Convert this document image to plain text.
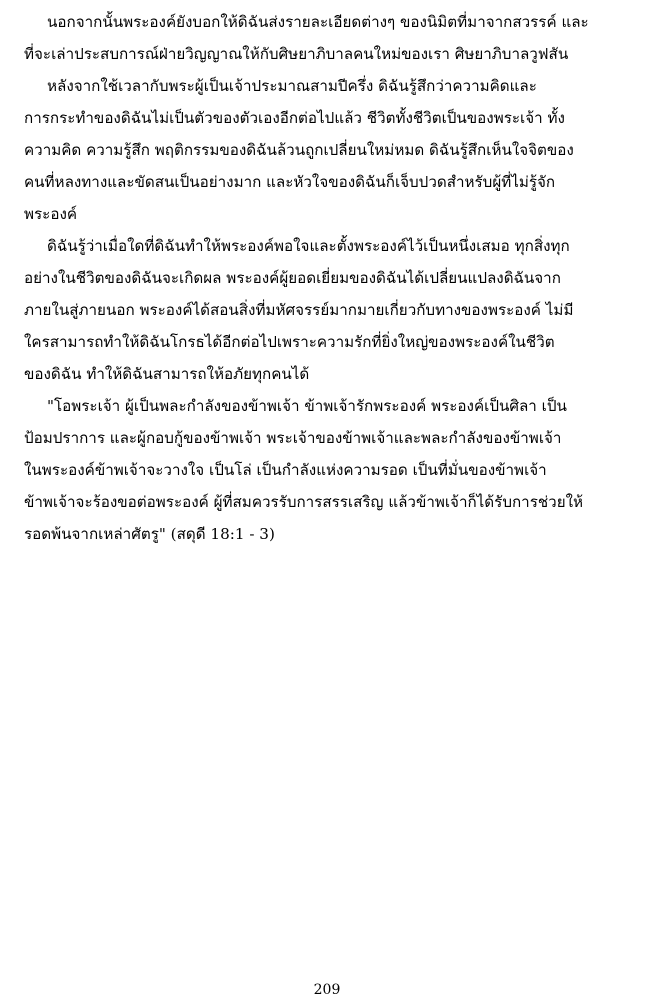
นอกจากนั้นพระองค์ยังบอกให้ดิฉันส่งรายละเอียดต่างๆ ของนิมิตที่มาจากสวรรค์ และ
ที่จะเล่าประสบการณ์ฝ่ายวิญญาณให้กับศิษยาภิบาลคนใหม่ของเรา ศิษยาภิบาลวูฟสัน
หลังจากใช้เวลากับพระผู้เป็นเจ้าประมาณสามปีครึ่ง ดิฉันรู้สึกว่าความคิดและ
การกระทำของดิฉันไม่เป็นตัวของตัวเองอีกต่อไปแล้ว ชีวิตทั้งชีวิตเป็นของพระเจ้า ทั้ง
ความคิด ความรู้สึก พฤติกรรมของดิฉันล้วนถูกเปลี่ยนใหม่หมด ดิฉันรู้สึกเห็นใจจิตของ
คนที่หลงทางและขัดสนเป็นอย่างมาก และหัวใจของดิฉันก็เจ็บปวดสำหรับผู้ที่ไม่รู้จัก
พระองค์
ดิฉันรู้ว่าเมื่อใดที่ดิฉันทำให้พระองค์พอใจและตั้งพระองค์ไว้เป็นหนึ่งเสมอ ทุกสิ่งทุก
อย่างในชีวิตของดิฉันจะเกิดผล พระองค์ผู้ยอดเยี่ยมของดิฉันได้เปลี่ยนแปลงดิฉันจาก
ภายในสู่ภายนอก พระองค์ได้สอนสิ่งที่มหัศจรรย์มากมายเกี่ยวกับทางของพระองค์ ไม่มี
ใครสามารถทำให้ดิฉันโกรธได้อีกต่อไปเพราะความรักที่ยิ่งใหญ่ของพระองค์ในชีวิต
ของดิฉัน ทำให้ดิฉันสามารถให้อภัยทุกคนได้
"โอพระเจ้า ผู้เป็นพละกำลังของข้าพเจ้า ข้าพเจ้ารักพระองค์ พระองค์เป็นศิลา เป็น
ป้อมปราการ และผู้กอบกู้ของข้าพเจ้า พระเจ้าของข้าพเจ้าและพละกำลังของข้าพเจ้า
ในพระองค์ข้าพเจ้าจะวางใจ เป็นโล่ เป็นกำลังแห่งความรอด เป็นที่มั่นของข้าพเจ้า
ข้าพเจ้าจะร้องขอต่อพระองค์ ผู้ที่สมควรรับการสรรเสริญ แล้วข้าพเจ้าก็ได้รับการช่วยให้
รอดพ้นจากเหล่าศัตรู" (สดุดี 18:1 - 3)
209
